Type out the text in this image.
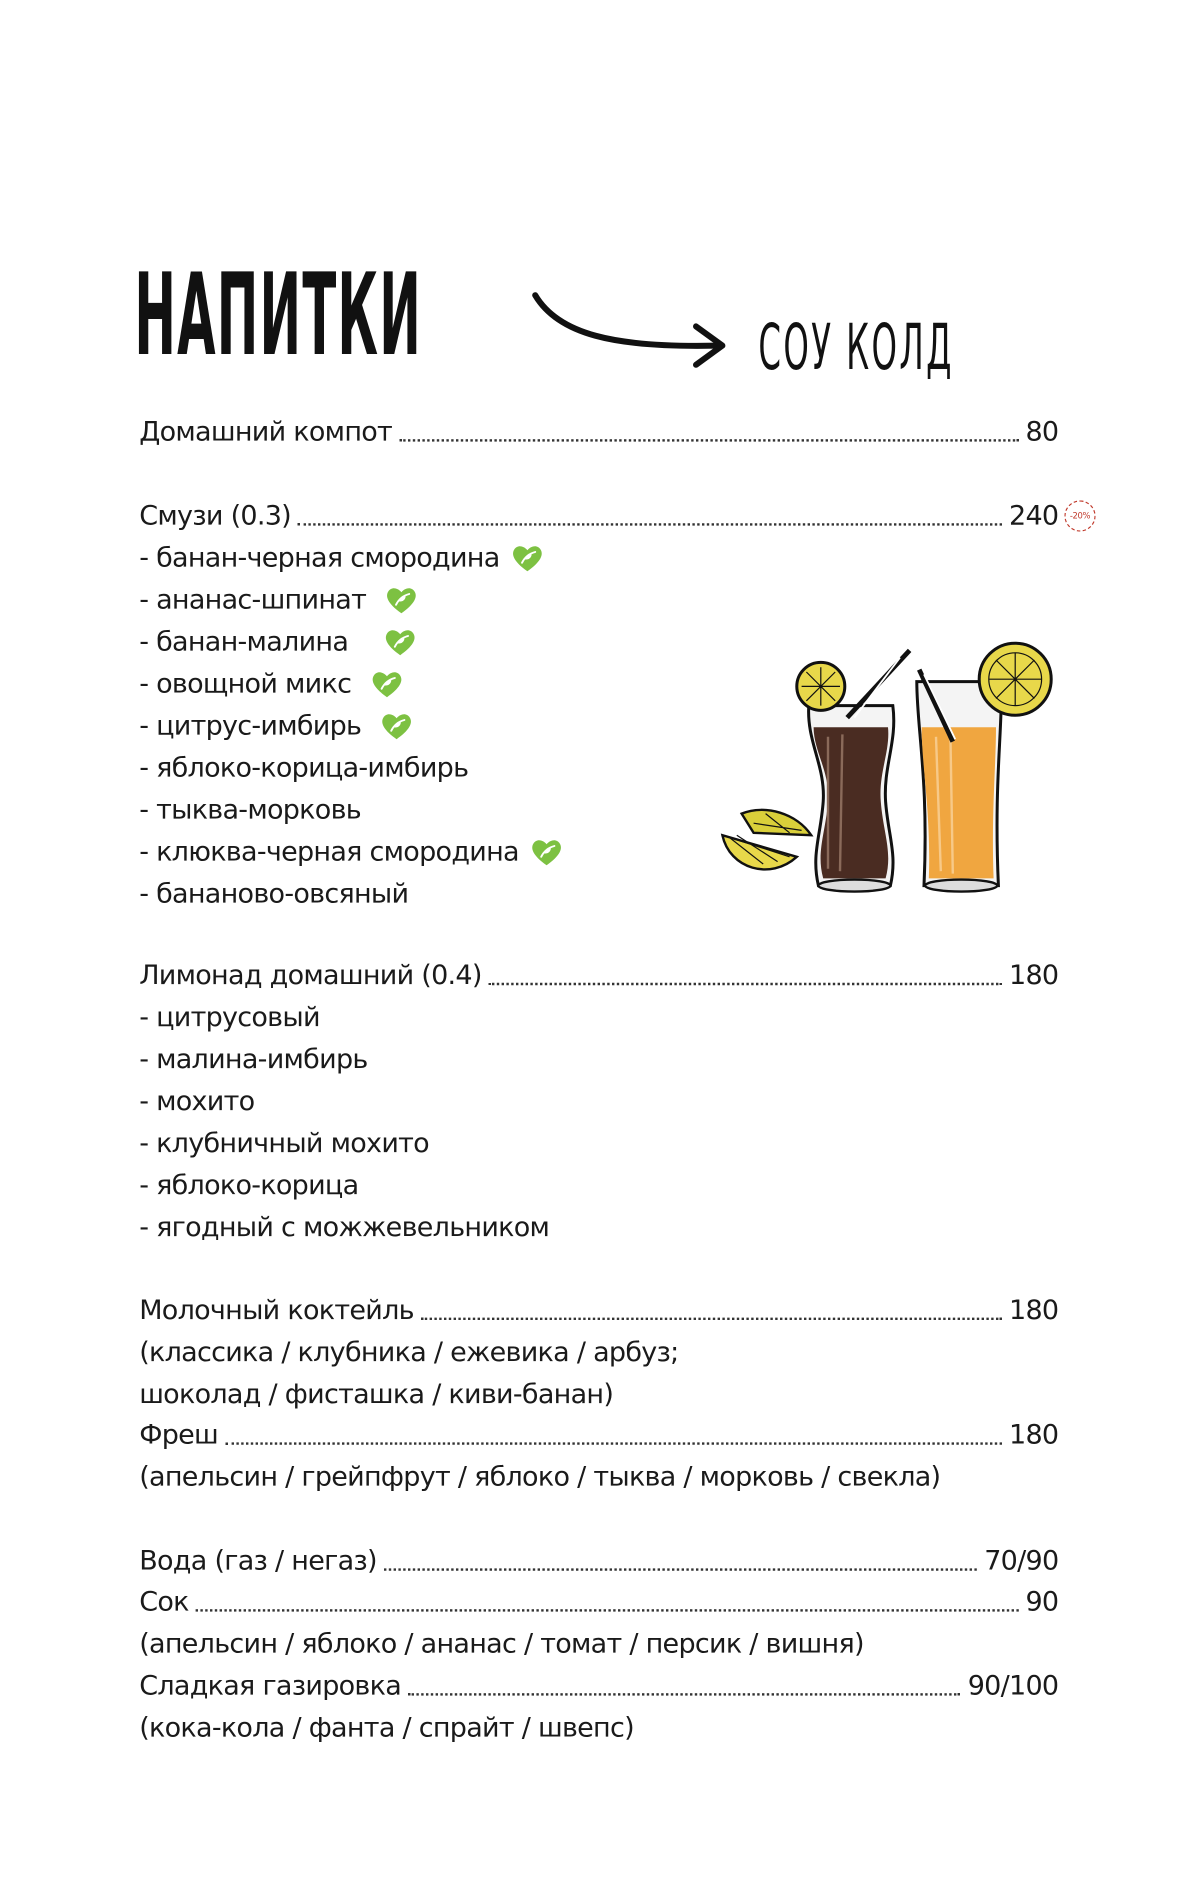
НАПИТКИ	СОУ КОЛД
Домашний компот	80
Смузи (0.3)	240	-20%
- банан-черная смородина
- ананас-шпинат
- банан-малина
- овощной микс
- цитрус-имбирь
- яблоко-корица-имбирь
- тыква-морковь
- клюква-черная смородина
- бананово-овсяный
Лимонад домашний (0.4)	180
- цитрусовый
- малина-имбирь
- мохито
- клубничный мохито
- яблоко-корица
- ягодный с можжевельником
Молочный коктейль	180
(классика / клубника / ежевика / арбуз;
шоколад / фисташка / киви-банан)
Фреш	180
(апельсин / грейпфрут / яблоко / тыква / морковь / свекла)
Вода (газ / негаз)	70/90
Сок	90
(апельсин / яблоко / ананас / томат / персик / вишня)
Сладкая газировка	90/100
(кока-кола / фанта / спрайт / швепс)
